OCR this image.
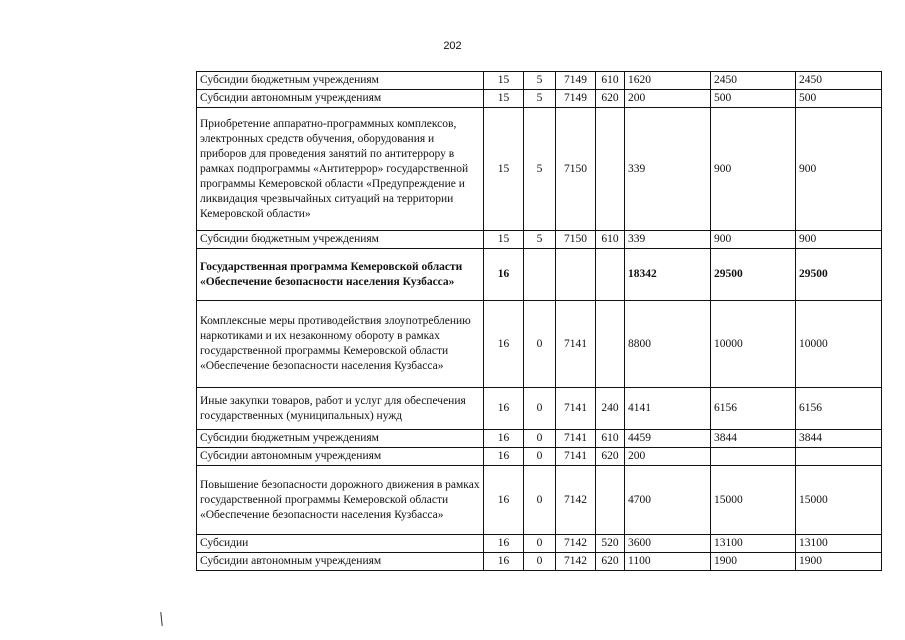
202
Субсидии бюджетным учреждениям	15	5	7149	610	1620	2450	2450
Субсидии автономным учреждениям	15	5	7149	620	200	500	500
Приобретение аппаратно-программных комплексов, электронных средств обучения, оборудования и приборов для проведения занятий по антитеррору в рамках подпрограммы «Антитеррор» государственной программы Кемеровской области «Предупреждение и ликвидация чрезвычайных ситуаций на территории Кемеровской области»	15	5	7150		339	900	900
Субсидии бюджетным учреждениям	15	5	7150	610	339	900	900
Государственная программа Кемеровской области «Обеспечение безопасности населения Кузбасса»	16				18342	29500	29500
Комплексные меры противодействия злоупотреблению наркотиками и их незаконному обороту в рамках государственной программы Кемеровской области «Обеспечение безопасности населения Кузбасса»	16	0	7141		8800	10000	10000
Иные закупки товаров, работ и услуг для обеспечения государственных (муниципальных) нужд	16	0	7141	240	4141	6156	6156
Субсидии бюджетным учреждениям	16	0	7141	610	4459	3844	3844
Субсидии автономным учреждениям	16	0	7141	620	200		
Повышение безопасности дорожного движения в рамках государственной программы Кемеровской области «Обеспечение безопасности населения Кузбасса»	16	0	7142		4700	15000	15000
Субсидии	16	0	7142	520	3600	13100	13100
Субсидии автономным учреждениям	16	0	7142	620	1100	1900	1900
